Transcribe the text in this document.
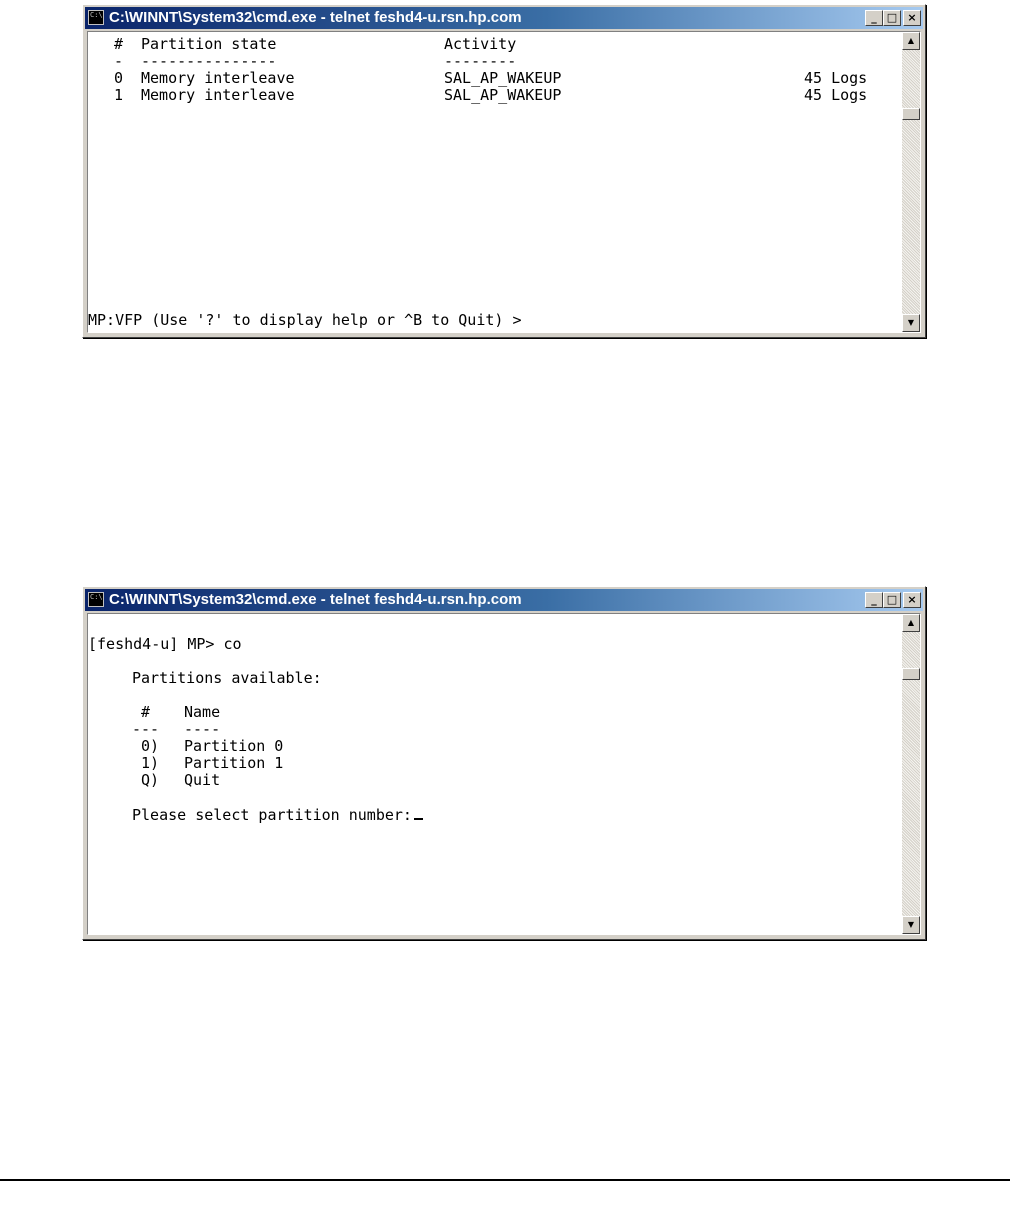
C:\ C:\WINNT\System32\cmd.exe - telnet feshd4-u.rsn.hp.com	_ □ ×
# Partition state	Activity
- ---------------	--------
0 Memory interleave	SAL_AP_WAKEUP	45 Logs
1 Memory interleave	SAL_AP_WAKEUP	45 Logs
MP:VFP (Use '?' to display help or ^B to Quit) >
▲
▼
C:\ C:\WINNT\System32\cmd.exe - telnet feshd4-u.rsn.hp.com	_ □ ×
[feshd4-u] MP> co
Partitions available:
# Name
--- ----
0) Partition 0
1) Partition 1
Q) Quit
Please select partition number:
▲
▼
